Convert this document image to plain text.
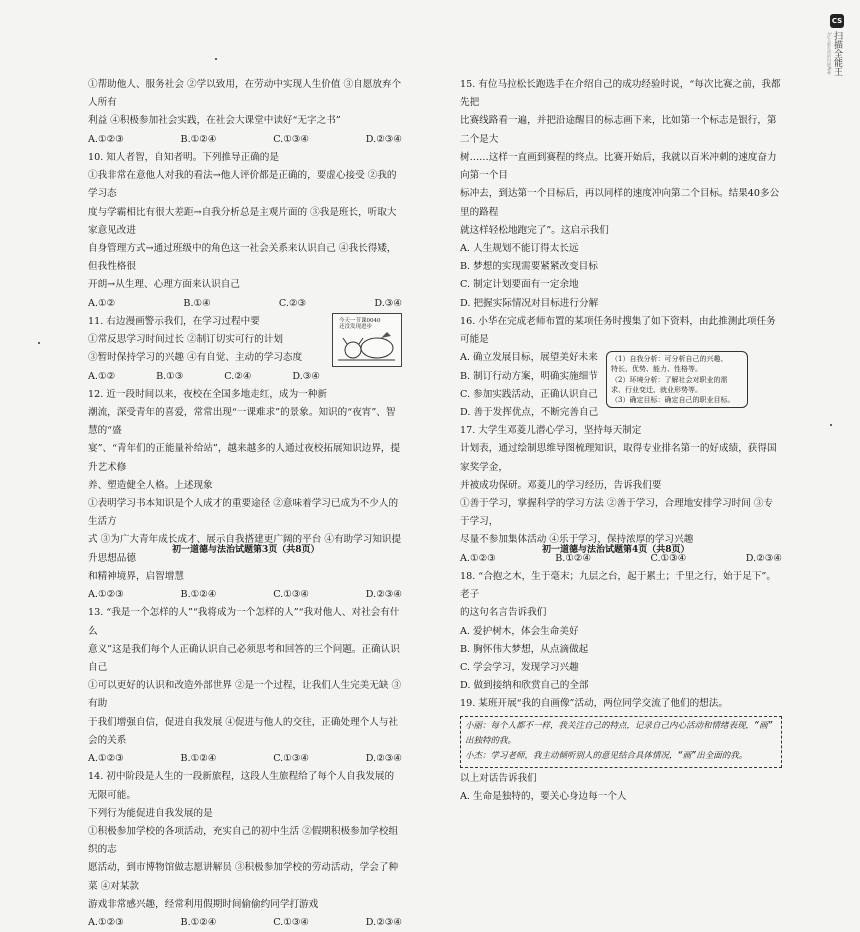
CS
扫描全能王
3亿人都在用的扫描App

①帮助他人、服务社会 ②学以致用，在劳动中实现人生价值 ③自愿放弃个人所有

利益 ④积极参加社会实践，在社会大课堂中读好“无字之书”

A.①②③	B.①②④	C.①③④	D.②③④

10. 知人者智，自知者明。下列推导正确的是

①我非常在意他人对我的看法→他人评价都是正确的，要虚心接受 ②我的学习态

度与学霸相比有很大差距→自我分析总是主观片面的 ③我是班长，听取大家意见改进

自身管理方式→通过班级中的角色这一社会关系来认识自己 ④我长得矮，但我性格很

开朗→从生理、心理方面来认识自己

A.①②	B.①④	C.②③	D.③④
今天一节课0040 还没发现进步

11. 右边漫画警示我们，在学习过程中要

①常反思学习时间过长 ②制订切实可行的计划

③暂时保持学习的兴趣 ④有自觉、主动的学习态度

A.①②	B.①③	C.②④	D.③④

12. 近一段时间以来，夜校在全国多地走红，成为一种新

潮流，深受青年的喜爱，常常出现“一课难求”的景象。知识的“夜宵”、智慧的“盛

宴”、“青年们的正能量补给站”，越来越多的人通过夜校拓展知识边界，提升艺术修

养、塑造健全人格。上述现象

①表明学习书本知识是个人成才的重要途径 ②意味着学习已成为不少人的生活方

式 ③为广大青年成长成才、展示自我搭建更广阔的平台 ④有助学习知识提升思想品德

和精神境界，启智增慧

A.①②③	B.①②④	C.①③④	D.②③④

13. “我是一个怎样的人”“我将成为一个怎样的人”“我对他人、对社会有什么

意义”这是我们每个人正确认识自己必须思考和回答的三个问题。正确认识自己

①可以更好的认识和改造外部世界 ②是一个过程，让我们人生完美无缺 ③有助

于我们增强自信，促进自我发展 ④促进与他人的交往，正确处理个人与社会的关系

A.①②③	B.①②④	C.①③④	D.②③④

14. 初中阶段是人生的一段新旅程，这段人生旅程给了每个人自我发展的无限可能。

下列行为能促进自我发展的是

①积极参加学校的各项活动，充实自己的初中生活 ②假期积极参加学校组织的志

愿活动，到市博物馆做志愿讲解员 ③积极参加学校的劳动活动，学会了种菜 ④对某款

游戏非常感兴趣，经常利用假期时间偷偷约同学打游戏

A.①②③	B.①②④	C.①③④	D.②③④

15. 有位马拉松长跑选手在介绍自己的成功经验时说，“每次比赛之前，我都先把

比赛线路看一遍，并把沿途醒目的标志画下来，比如第一个标志是银行，第二个是大

树……这样一直画到赛程的终点。比赛开始后，我就以百米冲刺的速度奋力向第一个目

标冲去，到达第一个目标后，再以同样的速度冲向第二个目标。结果40多公里的路程

就这样轻松地跑完了”。这启示我们

A. 人生规划不能订得太长远

B. 梦想的实现需要紧紧改变目标

C. 制定计划要面有一定余地

D. 把握实际情况对目标进行分解

16. 小华在完成老师布置的某项任务时搜集了如下资料，由此推测此项任务可能是

A. 确立发展目标，展望美好未来

B. 制订行动方案，明确实施细节

C. 参加实践活动，正确认识自己

D. 善于发挥优点，不断完善自己

（1）自我分析：可分析自己的兴趣、
特长、优势、能力、性格等。
（2）环境分析：了解社会对职业的需
求、行业变迁、就业形势等。
（3）确定目标：确定自己的职业目标。

17. 大学生邓菱儿潜心学习，坚持每天制定

计划表，通过绘制思维导图梳理知识，取得专业排名第一的好成绩，获得国家奖学金，

并被成功保研。邓菱儿的学习经历，告诉我们要

①善于学习，掌握科学的学习方法 ②善于学习，合理地安排学习时间 ③专于学习，

尽量不参加集体活动 ④乐于学习，保持浓厚的学习兴趣

A.①②③	B.①②④	C.①③④	D.②③④

18. “合抱之木，生于毫末；九层之台，起于累土；千里之行，始于足下”。老子

的这句名言告诉我们

A. 爱护树木，体会生命美好

B. 胸怀伟大梦想，从点滴做起

C. 学会学习，发现学习兴趣

D. 做到接纳和欣赏自己的全部

19. 某班开展“我的自画像”活动，两位同学交流了他们的想法。

小丽：每个人都不一样，我关注自己的特点，记录自己内心活动和情绪表现，“画”
出独特的我。
小杰：学习老师，我主动倾听别人的意见结合具体情况，“画”出全面的我。

以上对话告诉我们

A. 生命是独特的，要关心身边每一个人

初一道德与法治试题第3页（共8页）	初一道德与法治试题第4页（共8页）
